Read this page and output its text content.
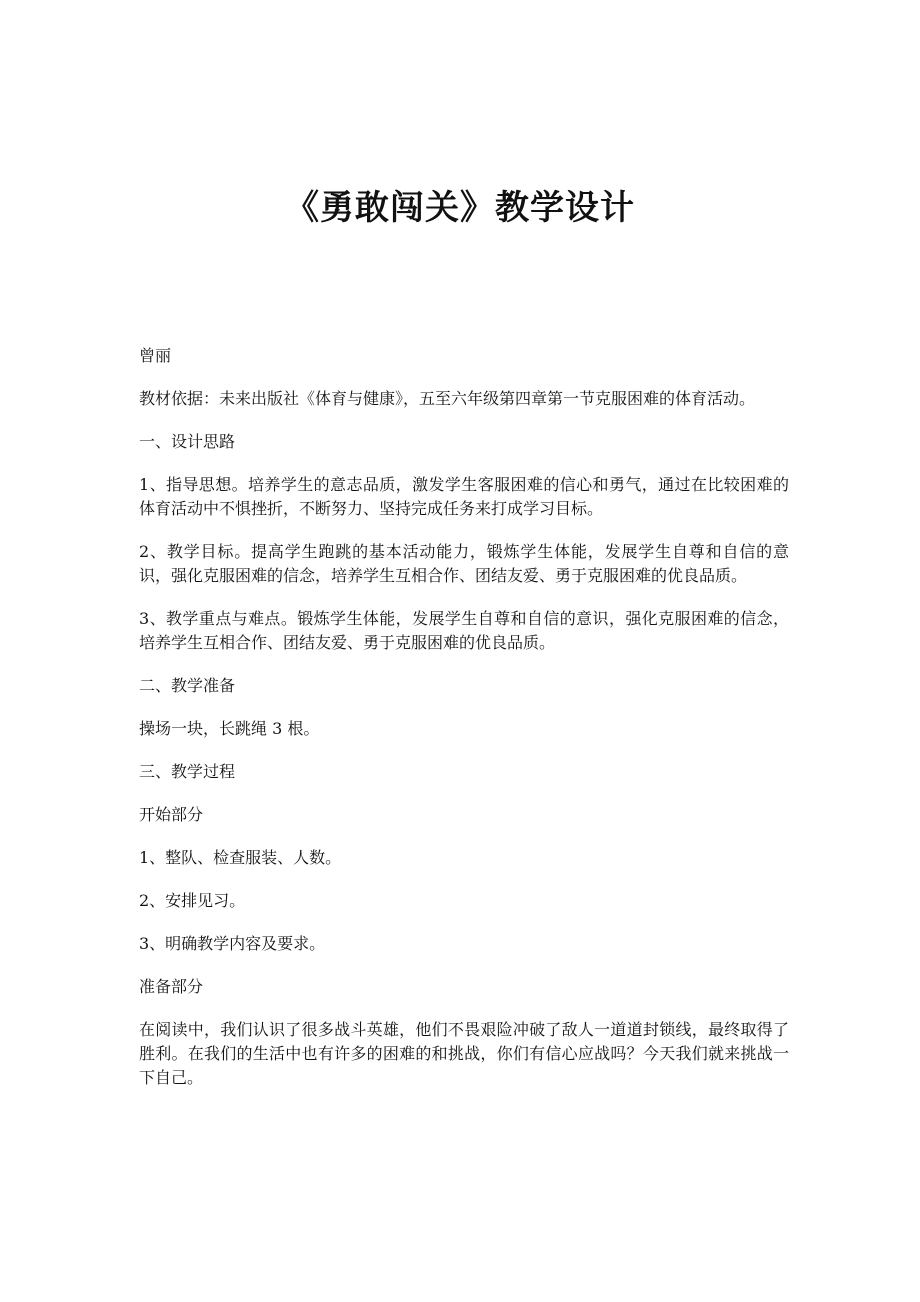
《勇敢闯关》教学设计

曾丽

教材依据：未来出版社《体育与健康》，五至六年级第四章第一节克服困难的体育活动。

一、设计思路

1、指导思想。培养学生的意志品质，激发学生客服困难的信心和勇气，通过在比较困难的体育活动中不惧挫折，不断努力、坚持完成任务来打成学习目标。

2、教学目标。提高学生跑跳的基本活动能力，锻炼学生体能，发展学生自尊和自信的意识，强化克服困难的信念，培养学生互相合作、团结友爱、勇于克服困难的优良品质。

3、教学重点与难点。锻炼学生体能，发展学生自尊和自信的意识，强化克服困难的信念，培养学生互相合作、团结友爱、勇于克服困难的优良品质。

二、教学准备

操场一块，长跳绳 3 根。

三、教学过程

开始部分

1、整队、检查服装、人数。

2、安排见习。

3、明确教学内容及要求。

准备部分

在阅读中，我们认识了很多战斗英雄，他们不畏艰险冲破了敌人一道道封锁线，最终取得了胜利。在我们的生活中也有许多的困难的和挑战，你们有信心应战吗？今天我们就来挑战一下自己。
